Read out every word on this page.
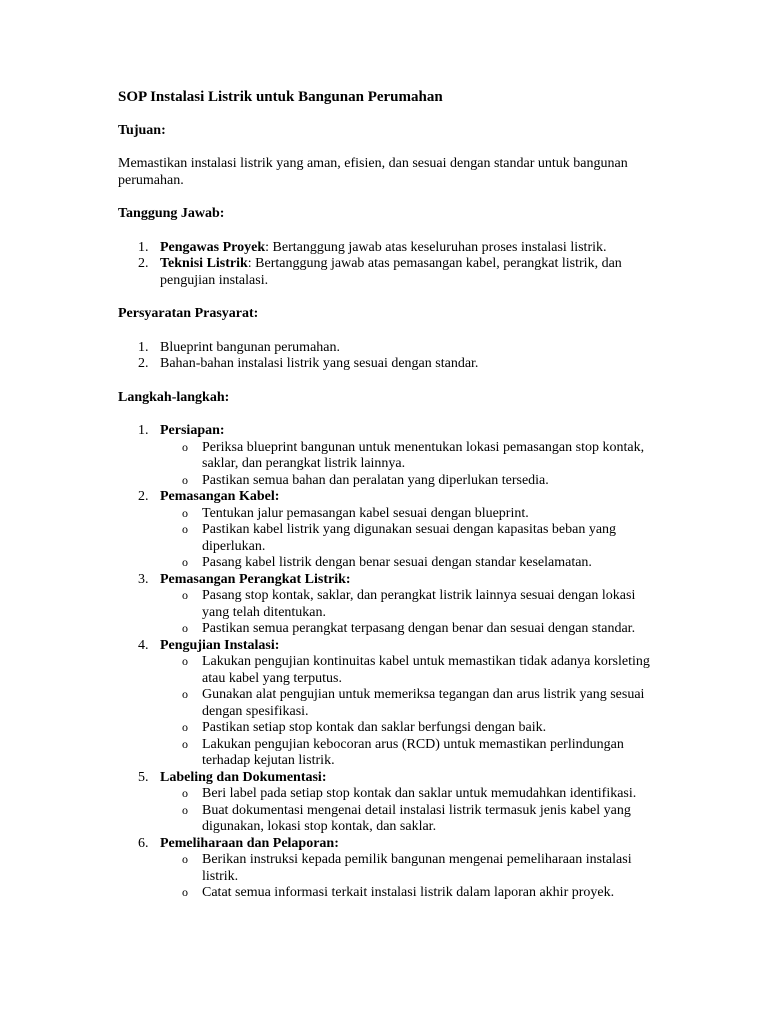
SOP Instalasi Listrik untuk Bangunan Perumahan
Tujuan:

Memastikan instalasi listrik yang aman, efisien, dan sesuai dengan standar untuk bangunan perumahan.

Tanggung Jawab:
1. Pengawas Proyek: Bertanggung jawab atas keseluruhan proses instalasi listrik.
2. Teknisi Listrik: Bertanggung jawab atas pemasangan kabel, perangkat listrik, dan pengujian instalasi.
Persyaratan Prasyarat:
1. Blueprint bangunan perumahan.
2. Bahan-bahan instalasi listrik yang sesuai dengan standar.
Langkah-langkah:
1. Persiapan:
o Periksa blueprint bangunan untuk menentukan lokasi pemasangan stop kontak, saklar, dan perangkat listrik lainnya.
o Pastikan semua bahan dan peralatan yang diperlukan tersedia.
2. Pemasangan Kabel:
o Tentukan jalur pemasangan kabel sesuai dengan blueprint.
o Pastikan kabel listrik yang digunakan sesuai dengan kapasitas beban yang diperlukan.
o Pasang kabel listrik dengan benar sesuai dengan standar keselamatan.
3. Pemasangan Perangkat Listrik:
o Pasang stop kontak, saklar, dan perangkat listrik lainnya sesuai dengan lokasi yang telah ditentukan.
o Pastikan semua perangkat terpasang dengan benar dan sesuai dengan standar.
4. Pengujian Instalasi:
o Lakukan pengujian kontinuitas kabel untuk memastikan tidak adanya korsleting atau kabel yang terputus.
o Gunakan alat pengujian untuk memeriksa tegangan dan arus listrik yang sesuai dengan spesifikasi.
o Pastikan setiap stop kontak dan saklar berfungsi dengan baik.
o Lakukan pengujian kebocoran arus (RCD) untuk memastikan perlindungan terhadap kejutan listrik.
5. Labeling dan Dokumentasi:
o Beri label pada setiap stop kontak dan saklar untuk memudahkan identifikasi.
o Buat dokumentasi mengenai detail instalasi listrik termasuk jenis kabel yang digunakan, lokasi stop kontak, dan saklar.
6. Pemeliharaan dan Pelaporan:
o Berikan instruksi kepada pemilik bangunan mengenai pemeliharaan instalasi listrik.
o Catat semua informasi terkait instalasi listrik dalam laporan akhir proyek.
